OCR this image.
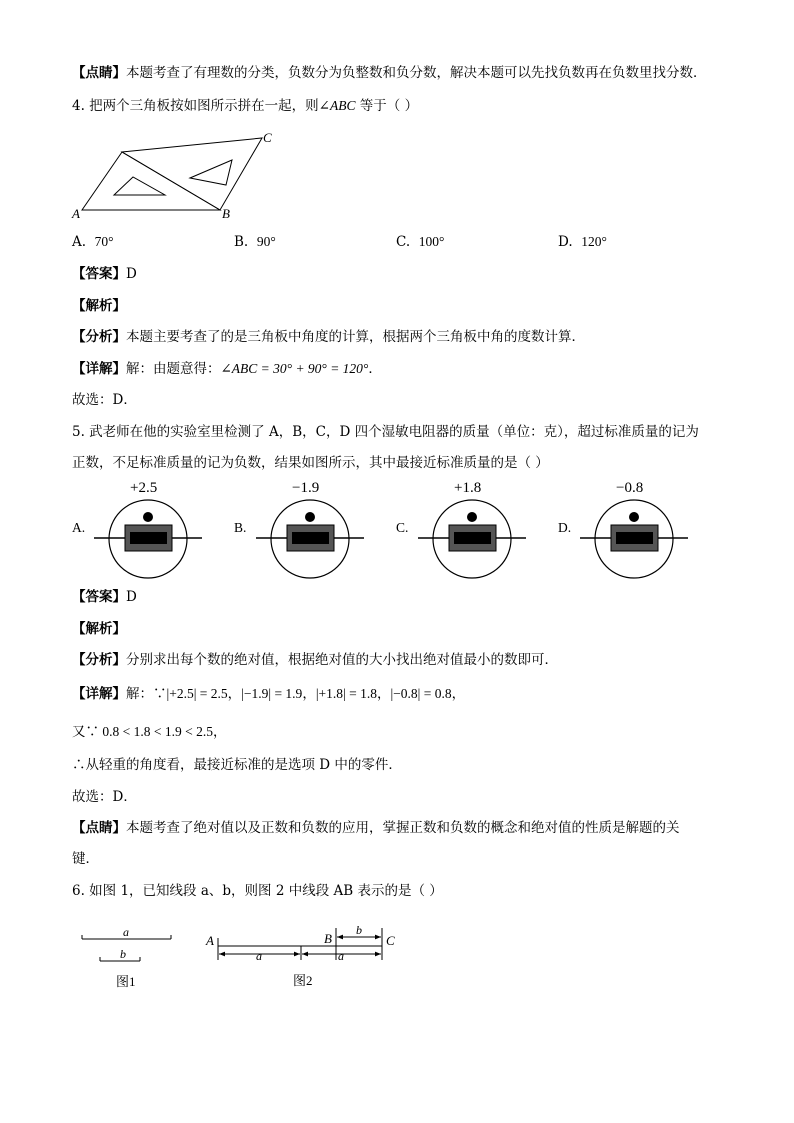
【点睛】本题考查了有理数的分类，负数分为负整数和负分数，解决本题可以先找负数再在负数里找分数．
4. 把两个三角板按如图所示拼在一起，则∠ABC 等于（ ）
A	B
C
A. 70°	B. 90°	C. 100°	D. 120°
【答案】D
【解析】
【分析】本题主要考查了的是三角板中角度的计算，根据两个三角板中角的度数计算．
【详解】解：由题意得：∠ABC = 30° + 90° = 120°．
故选：D．
5. 武老师在他的实验室里检测了 A，B，C，D 四个湿敏电阻器的质量（单位：克），超过标准质量的记为
正数，不足标准质量的记为负数，结果如图所示，其中最接近标准质量的是（ ）
A.
+2.5
B.
−1.9
C.
+1.8
D.
−0.8
【答案】D
【解析】
【分析】分别求出每个数的绝对值，根据绝对值的大小找出绝对值最小的数即可．
【详解】解：∵|+2.5| = 2.5，|−1.9| = 1.9，|+1.8| = 1.8，|−0.8| = 0.8，
又∵ 0.8 < 1.8 < 1.9 < 2.5，
∴从轻重的角度看，最接近标准的是选项 D 中的零件．
故选：D．
【点睛】本题考查了绝对值以及正数和负数的应用，掌握正数和负数的概念和绝对值的性质是解题的关
键．
6. 如图 1，已知线段 a、b，则图 2 中线段 AB 表示的是（ ）
a
b
图1
A	B	C
a	a
b
图2
